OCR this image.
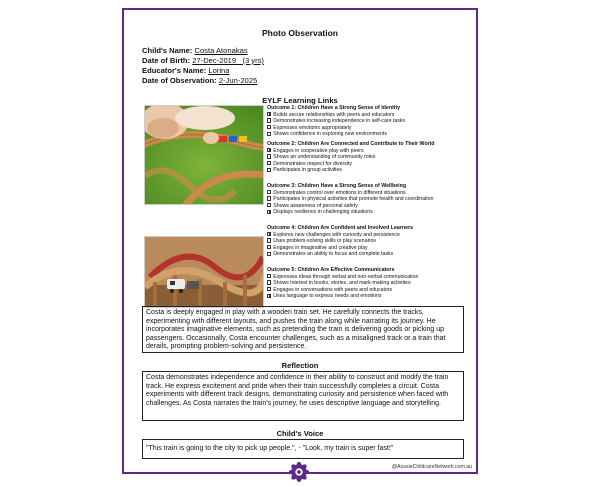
Photo Observation
Child's Name: Costa Atonakas
Date of Birth: 27-Dec-2019   (3 yrs)
Educator's Name: Lorina
Date of Observation: 2-Jun-2025
EYLF Learning Links
Outcome 1: Children Have a Strong Sense of Identity
Builds secure relationships with peers and educators
Demonstrates increasing independence in self-care tasks
Expresses emotions appropriately
Shows confidence in exploring new environments
Outcome 2: Children Are Connected and Contribute to Their World
Engages in cooperative play with peers
Shows an understanding of community roles
Demonstrates respect for diversity
Participates in group activities
Outcome 3: Children Have a Strong Sense of Wellbeing
Demonstrates control over emotions in different situations
Participates in physical activities that promote health and coordination
Shows awareness of personal safety
Displays resilience in challenging situations
Outcome 4: Children Are Confident and Involved Learners
Explores new challenges with curiosity and persistence
Uses problem-solving skills in play scenarios
Engages in imaginative and creative play
Demonstrates an ability to focus and complete tasks
Outcome 5: Children Are Effective Communicators
Expresses ideas through verbal and non-verbal communication
Shows interest in books, stories, and mark-making activities
Engages in conversations with peers and educators
Uses language to express needs and emotions
Costa is deeply engaged in play with a wooden train set. He carefully connects the tracks, experimenting with different layouts, and pushes the train along while narrating its journey. He incorporates imaginative elements, such as pretending the train is delivering goods or picking up passengers. Occasionally, Costa encounter challenges, such as a misaligned track or a train that derails, prompting problem-solving and persistence.
Reflection
Costa demonstrates independence and confidence in their ability to construct and modify the train track. He express excitement and pride when their train successfully completes a circuit. Costa experiments with different track designs, demonstrating curiosity and persistence when faced with challenges. As Costa narrates the train's journey, he uses descriptive language and storytelling.
Child's Voice
"This train is going to the city to pick up people.", - "Look, my train is super fast!"
@AussieChildcareNetwork.com.au
